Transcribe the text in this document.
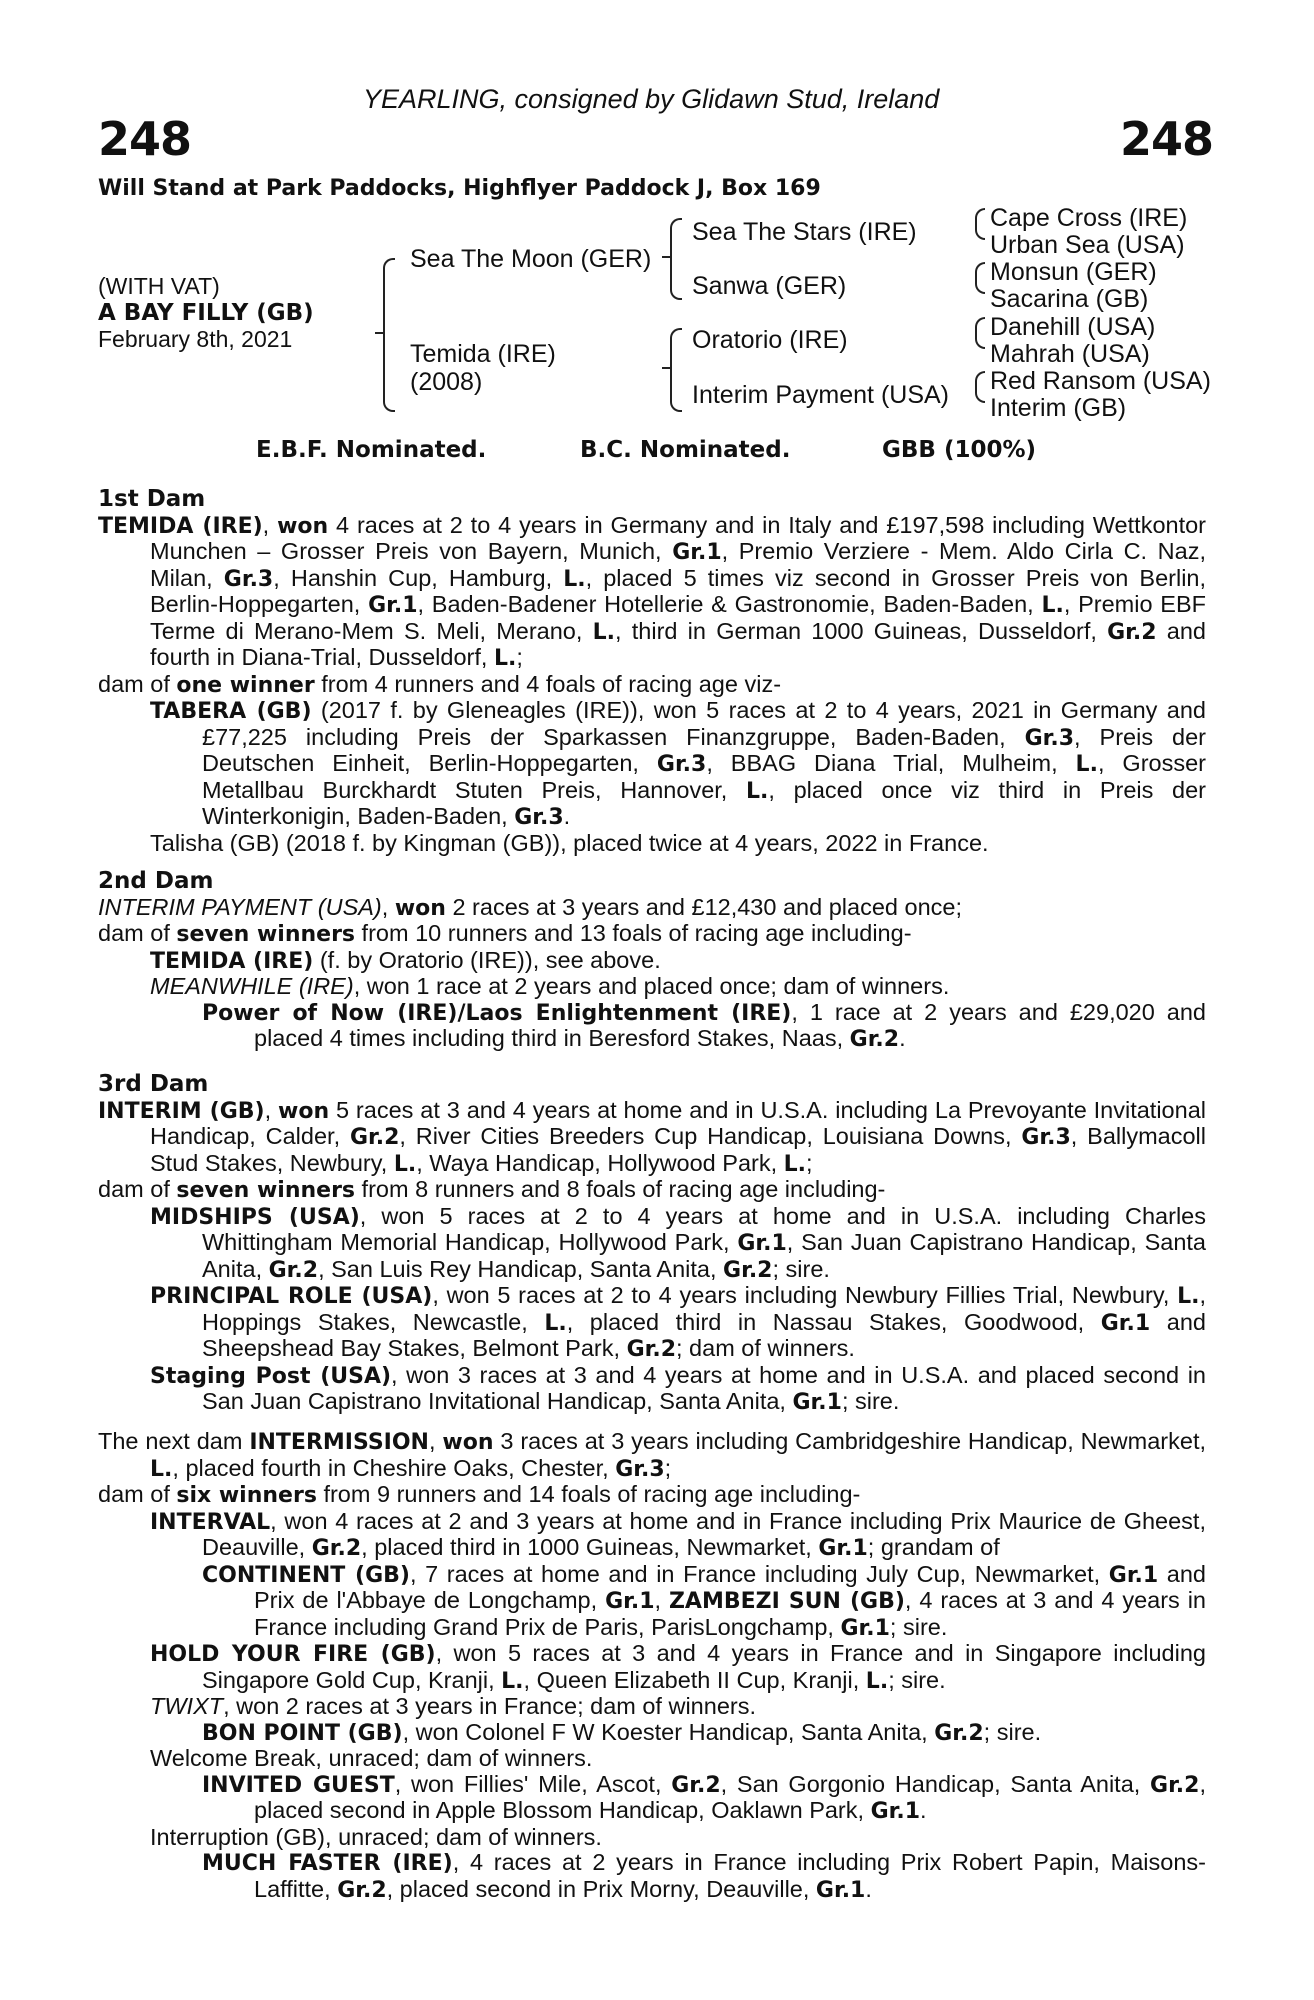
YEARLING, consigned by Glidawn Stud, Ireland
248	248
Will Stand at Park Paddocks, Highflyer Paddock J, Box 169
(WITH VAT)
A BAY FILLY (GB)
February 8th, 2021
Sea The Moon (GER)
Temida (IRE)
(2008)
Sea The Stars (IRE)
Sanwa (GER)
Oratorio (IRE)
Interim Payment (USA)
Cape Cross (IRE)
Urban Sea (USA)
Monsun (GER)
Sacarina (GB)
Danehill (USA)
Mahrah (USA)
Red Ransom (USA)
Interim (GB)
E.B.F. Nominated.	B.C. Nominated.	GBB (100%)
1st Dam

TEMIDA (IRE), won 4 races at 2 to 4 years in Germany and in Italy and £197,598 including Wettkontor Munchen – Grosser Preis von Bayern, Munich, Gr.1, Premio Verziere - Mem. Aldo Cirla C. Naz, Milan, Gr.3, Hanshin Cup, Hamburg, L., placed 5 times viz second in Grosser Preis von Berlin, Berlin-Hoppegarten, Gr.1, Baden-Badener Hotellerie & Gastronomie, Baden-Baden, L., Premio EBF Terme di Merano-Mem S. Meli, Merano, L., third in German 1000 Guineas, Dusseldorf, Gr.2 and fourth in Diana-Trial, Dusseldorf, L.;

dam of one winner from 4 runners and 4 foals of racing age viz-

TABERA (GB) (2017 f. by Gleneagles (IRE)), won 5 races at 2 to 4 years, 2021 in Germany and £77,225 including Preis der Sparkassen Finanzgruppe, Baden-Baden, Gr.3, Preis der Deutschen Einheit, Berlin-Hoppegarten, Gr.3, BBAG Diana Trial, Mulheim, L., Grosser Metallbau Burckhardt Stuten Preis, Hannover, L., placed once viz third in Preis der Winterkonigin, Baden-Baden, Gr.3.

Talisha (GB) (2018 f. by Kingman (GB)), placed twice at 4 years, 2022 in France.

2nd Dam

INTERIM PAYMENT (USA), won 2 races at 3 years and £12,430 and placed once;

dam of seven winners from 10 runners and 13 foals of racing age including-

TEMIDA (IRE) (f. by Oratorio (IRE)), see above.

MEANWHILE (IRE), won 1 race at 2 years and placed once; dam of winners.

Power of Now (IRE)/Laos Enlightenment (IRE), 1 race at 2 years and £29,020 and placed 4 times including third in Beresford Stakes, Naas, Gr.2.

3rd Dam

INTERIM (GB), won 5 races at 3 and 4 years at home and in U.S.A. including La Prevoyante Invitational Handicap, Calder, Gr.2, River Cities Breeders Cup Handicap, Louisiana Downs, Gr.3, Ballymacoll Stud Stakes, Newbury, L., Waya Handicap, Hollywood Park, L.;

dam of seven winners from 8 runners and 8 foals of racing age including-

MIDSHIPS (USA), won 5 races at 2 to 4 years at home and in U.S.A. including Charles Whittingham Memorial Handicap, Hollywood Park, Gr.1, San Juan Capistrano Handicap, Santa Anita, Gr.2, San Luis Rey Handicap, Santa Anita, Gr.2; sire.

PRINCIPAL ROLE (USA), won 5 races at 2 to 4 years including Newbury Fillies Trial, Newbury, L., Hoppings Stakes, Newcastle, L., placed third in Nassau Stakes, Goodwood, Gr.1 and Sheepshead Bay Stakes, Belmont Park, Gr.2; dam of winners.

Staging Post (USA), won 3 races at 3 and 4 years at home and in U.S.A. and placed second in San Juan Capistrano Invitational Handicap, Santa Anita, Gr.1; sire.

The next dam INTERMISSION, won 3 races at 3 years including Cambridgeshire Handicap, Newmarket, L., placed fourth in Cheshire Oaks, Chester, Gr.3;

dam of six winners from 9 runners and 14 foals of racing age including-

INTERVAL, won 4 races at 2 and 3 years at home and in France including Prix Maurice de Gheest, Deauville, Gr.2, placed third in 1000 Guineas, Newmarket, Gr.1; grandam of

CONTINENT (GB), 7 races at home and in France including July Cup, Newmarket, Gr.1 and Prix de l'Abbaye de Longchamp, Gr.1, ZAMBEZI SUN (GB), 4 races at 3 and 4 years in France including Grand Prix de Paris, ParisLongchamp, Gr.1; sire.

HOLD YOUR FIRE (GB), won 5 races at 3 and 4 years in France and in Singapore including Singapore Gold Cup, Kranji, L., Queen Elizabeth II Cup, Kranji, L.; sire.

TWIXT, won 2 races at 3 years in France; dam of winners.

BON POINT (GB), won Colonel F W Koester Handicap, Santa Anita, Gr.2; sire.

Welcome Break, unraced; dam of winners.

INVITED GUEST, won Fillies' Mile, Ascot, Gr.2, San Gorgonio Handicap, Santa Anita, Gr.2, placed second in Apple Blossom Handicap, Oaklawn Park, Gr.1.

Interruption (GB), unraced; dam of winners.

MUCH FASTER (IRE), 4 races at 2 years in France including Prix Robert Papin, Maisons-Laffitte, Gr.2, placed second in Prix Morny, Deauville, Gr.1.
